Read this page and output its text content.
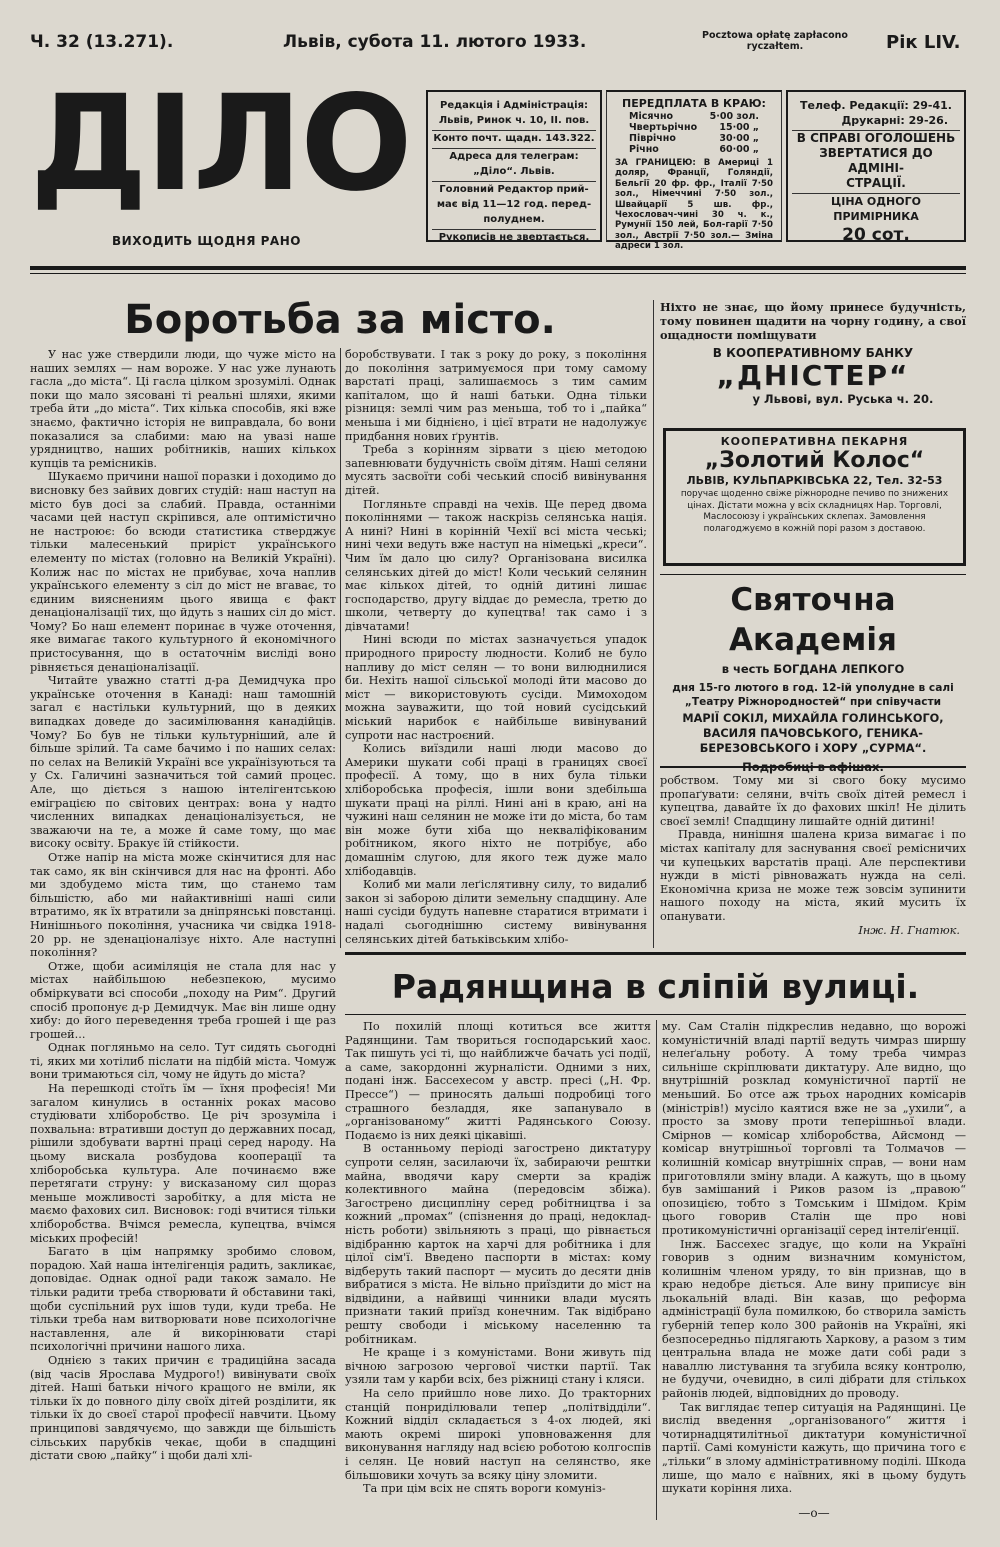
Ч. 32 (13.271).	Львів, субота 11. лютого 1933.	Pocztowa opłatę zapłacono ryczałtem.	Рік LIV.
ДІЛО
ВИХОДИТЬ ЩОДНЯ РАНО
Редакція і Адміністрація:
Львів, Ринок ч. 10, II. пов.
Конто почт. щадн. 143.322.
Адреса для телеграм:
„Діло“. Львів.
Головний Редактор прий-
має від 11—12 год. перед-
полуднем.
Рукописів не звертається.
ПЕРЕДПЛАТА В КРАЮ:
Місячно	5·00 зол.
Чвертьрічно 15·00 „
Піврічно	30·00 „
Річно	60·00 „
ЗА ГРАНИЦЕЮ: В Америці 1 доляр, Франції, Голяндії, Бельгії 20 фр. фр., Італії 7·50 зол., Німеччині 7·50 зол., Швайцарії 5 шв. фр., Чехословач-чині 30 ч. к., Румунії 150 лей, Бол-гарії 7·50 зол., Австрії 7·50 зол.— Зміна адреси 1 зол.
Телеф. Редакції: 29-41.
Друкарні: 29-26.
В СПРАВІ ОГОЛОШЕНЬ
ЗВЕРТАТИСЯ ДО АДМІНІ-
СТРАЦІЇ.
ЦІНА ОДНОГО ПРИМІРНИКА
20 сот.
Боротьба за місто.

У нас уже ствердили люди, що чуже місто на наших землях — нам вороже. У нас уже лунають гасла „до міста“. Ці гасла цілком зрозумілі. Однак поки що мало зясовані ті реальні шляхи, якими треба йти „до міста“. Тих кілька способів, які вже знаємо, фактично історія не виправдала, бо вони показалися за слабими: маю на увазі наше урядництво, наших робітників, наших кількох купців та ремісників.

Шукаємо причини нашої поразки і доходимо до висновку без зайвих довгих студій: наш наступ на місто був досі за слабий. Правда, останніми часами цей наступ скріпився, але оптимістично не настроює: бо всюди статистика стверджує тільки малесенький приріст українського елементу по містах (головно на Великій Україні). Колиж нас по містах не прибуває, хоча наплив українського елементу з сіл до міст не вгаває, то єдиним вияснениям цього явища є факт денаціоналізації тих, що йдуть з наших сіл до міст. Чому? Бо наш елемент поринає в чуже оточення, яке вимагає такого культурного й економічного пристосування, що в остаточнім висліді воно рівняється денаціоналізації.

Читайте уважно статті д-ра Демидчука про українське оточення в Канаді: наш тамошній загал є настільки культурний, що в деяких випадках доведе до засимілювання канадійців. Чому? Бо був не тільки культурніший, але й більше зрілий. Та саме бачимо і по наших селах: по селах на Великій Україні все українізуються та у Сх. Галичині зазначиться той самий процес. Але, що діється з нашою інтелігентською еміграцією по світових центрах: вона у надто численних випадках денаціоналізується, не зважаючи на те, а може й саме тому, що має високу освіту. Бракує їй стійкости.

Отже напір на міста може скінчитися для нас так само, як він скінчився для нас на фронті. Або ми здобудемо міста тим, що станемо там більшістю, або ми найактивніші наші сили втратимо, як їх втратили за дніпрянські повстанці. Нинішнього покоління, учасника чи свідка 1918-20 рр. не зденаціоналізує ніхто. Але наступні покоління?

Отже, щоби асиміляція не стала для нас у містах найбільшою небезпекою, мусимо обміркувати всі способи „походу на Рим“. Другий спосіб пропонує д-р Демидчук. Має він лише одну хибу: до його переведення треба грошей і ще раз грошей...

Однак погляньмо на село. Тут сидять сьогодні ті, яких ми хотілиб післати на підбій міста. Чомуж вони тримаються сіл, чому не йдуть до міста?

На перешкоді стоїть їм — їхня професія! Ми загалом кинулись в останніх роках масово студіювати хліборобство. Це річ зрозуміла і похвальна: втративши доступ до державних посад, рішили здобувати вартні праці серед народу. На цьому вискала розбудова кооперації та хліборобська культура. Але починаємо вже перетягати струну: у висказаному сил щораз меньше можливості заробітку, а для міста не маємо фахових сил. Висновок: годі вчитися тільки хліборобства. Вчімся ремесла, купецтва, вчімся міських професій!

Багато в цім напрямку зробимо словом, порадою. Хай наша інтелігенція радить, закликає, доповідає. Однак одної ради також замало. Не тільки радити треба створювати й обставини такі, щоби суспільний рух ішов туди, куди треба. Не тільки треба нам витворювати нове психологічне наставлення, але й викорінювати старі психологічні причини нашого лиха.

Однією з таких причин є традиційна засада (від часів Ярослава Мудрого!) вивінувати своїх дітей. Наші батьки нічого кращого не вміли, як тільки їх до повного ділу своїх дітей розділити, як тільки їх до своєї старої професії навчити. Цьому принципові завдячуємо, що завжди ще більшість сільських парубків чекає, щоби в спадщині дістати свою „пайку“ і щоби далі хлі-

боробствувати. І так з року до року, з покоління до покоління затримуємося при тому самому варстаті праці, залишаємось з тим самим капіталом, що й наші батьки. Одна тільки різниця: землі чим раз меньша, тоб то і „пайка“ меньша і ми біднієно, і цієї втрати не надолужує придбання нових ґрунтів.

Треба з корінням зірвати з цією методою запевнювати будучність своїм дітям. Наші селяни мусять засвоїти собі чеський спосіб вивінування дітей.

Погляньте справді на чехів. Ще перед двома поколіннями — також наскрізь селянська нація. А нині? Нині в корінній Чехії всі міста чеські; нині чехи ведуть вже наступ на німецькі „креси“. Чим їм дало цю силу? Організована висилка селянських дітей до міст! Коли чеський селянин має кількох дітей, то одній дитині лишає господарство, другу віддає до ремесла, третю до школи, четверту до купецтва! так само і з дівчатами!

Нині всюди по містах зазначується упадок природного приросту людности. Колиб не було напливу до міст селян — то вони вилюднилися би. Нехіть нашої сільської молоді йти масово до міст — використовують сусіди. Мимоходом можна зауважити, що той новий сусідський міський нарибок є найбільше вивінуваний супроти нас настроєний.

Колись виїздили наші люди масово до Америки шукати собі праці в границях своєї професії. А тому, що в них була тільки хліборобська професія, ішли вони здебільша шукати праці на ріллі. Нині ані в краю, ані на чужині наш селянин не може іти до міста, бо там він може бути хіба що некваліфікованим робітником, якого ніхто не потрібує, або домашнім слугою, для якого теж дуже мало хлібодавців.

Колиб ми мали леґіслятивну силу, то видалиб закон зі заборою ділити земельну спадщину. Але наші сусіди будуть напевне старатися втримати і надалі сьогоднішню систему вивінування селянських дітей батьківським хлібо-

Ніхто не знає, що йому принесе будучність, тому повинен щадити на чорну годину, а свої ощадности поміщувати
В КООПЕРАТИВНОМУ БАНКУ
„ДНІСТЕР“
у Львові, вул. Руська ч. 20.
КООПЕРАТИВНА ПЕКАРНЯ
„Золотий Колос“
ЛЬВІВ, КУЛЬПАРКІВСЬКА 22, Тел. 32-53
поручає щоденно свіже ріжнородне печиво по знижених цінах. Дістати можна у всіх складницях Нар. Торговлі, Маслосоюзу і українських склепах. Замовлення полагоджуємо в кожній порі разом з доставою.
Святочна Академія
в честь БОГДАНА ЛЕПКОГО
дня 15-го лютого в год. 12-ій уполудне в салі „Театру Ріжнородностей“ при співучасти
МАРІЇ СОКІЛ, МИХАЙЛА ГОЛИНСЬКОГО, ВАСИЛЯ ПАЧОВСЬКОГО, ГЕНИКА-БЕРЕЗОВСЬКОГО і ХОРУ „СУРМА“.

робством. Тому ми зі свого боку мусимо пропаґувати: селяни, вчіть своїх дітей ремесл і купецтва, давайте їх до фахових шкіл! Не ділить своєї землі! Спадщину лишайте одній дитині!

Правда, нинішня шалена криза вимагає і по містах капіталу для заснування своєї ремісничих чи купецьких варстатів праці. Але перспективи нужди в місті рівноважать нужда на селі. Економічна криза не може теж зовсім зупинити нашого походу на міста, який мусить їх опанувати.

Інж. Н. Гнатюк.
Радянщина в сліпій вулиці.

По похилій площі котиться все життя Радянщини. Там твориться господарський хаос. Так пишуть усі ті, що найближче бачать усі події, а саме, закордонні журналісти. Одними з них, подані інж. Бассехесом у австр. пресі („Н. Фр. Прессе“) — приносять дальші подробиці того страшного безладдя, яке запанувало в „організованому“ житті Радянського Союзу. Подаємо із них деякі цікавіші.

В останньому періоді загострено диктатуру супроти селян, засилаючи їх, забираючи рештки майна, вводячи кару смерти за крадіж колективного майна (передовсім збіжа). Загострено дисципліну серед робітництва і за кожний „промах“ (спізнення до праці, недоклад-ність роботи) звільняють з праці, що рівнається відібранню карток на харчі для робітника і для цілої сім'ї. Введено паспорти в містах: кому відберуть такий паспорт — мусить до десяти днів вибратися з міста. Не вільно приїздити до міст на відвідини, а найвищі чинники влади мусять признати такий приїзд конечним. Так відібрано решту свободи і міському населенню та робітникам.

Не краще і з комуністами. Вони живуть під вічною загрозою чергової чистки партії. Так узяли там у карби всіх, без ріжниці стану і кляси.

На село прийшло нове лихо. До тракторних станцій понриділювали тепер „політвідділи“. Кожний відділ складається з 4-ох людей, які мають окремі широкі уповноваження для виконування нагляду над всією роботою колгоспів і селян. Це новий наступ на селянство, яке більшовики хочуть за всяку ціну зломити.

Та при цім всіх не спять вороги комуніз-

му. Сам Сталін підкреслив недавно, що ворожі комуністичній владі партії ведуть чимраз ширшу нелеґальну роботу. А тому треба чимраз сильніше скріплювати диктатуру. Але видно, що внутрішній розклад комуністичної партії не меньший. Бо отсе аж трьох народних комісарів (міністрів!) мусіло каятися вже не за „ухили“, а просто за змову проти теперішньої влади. Смірнов — комісар хліборобства, Айсмонд — комісар внутрішньої торговлі та Толмачов — колишній комісар внутрішніх справ, — вони нам приготовляли зміну влади. А кажуть, що в цьому був замішаний і Риков разом із „правою“ опозицією, тобто з Томським і Шмідом. Крім цього говорив Сталін ще про нові протикомуністичні організації серед інтеліґенції.

Інж. Бассехес згадує, що коли на Україні говорив з одним визначним комуністом, колишнім членом уряду, то він признав, що в краю недобре діється. Але вину приписує він льокальній владі. Він казав, що реформа адміністрації була помилкою, бо створила замість губерній тепер коло 300 районів на Україні, які безпосередньо підлягають Харкову, а разом з тим центральна влада не може дати собі ради з наваллю листування та згубила всяку контролю, не будучи, очевидно, в силі дібрати для стількох районів людей, відповідних до проводу.

Так виглядає тепер ситуація на Радянщині. Це вислід введення „організованого“ життя і чотирнадцятилітньої диктатури комуністичної партії. Самі комуністи кажуть, що причина того є „тільки“ в злому адміністративному поділі. Шкода лише, що мало є наївних, які в цьому будуть шукати коріння лиха.

—o—
